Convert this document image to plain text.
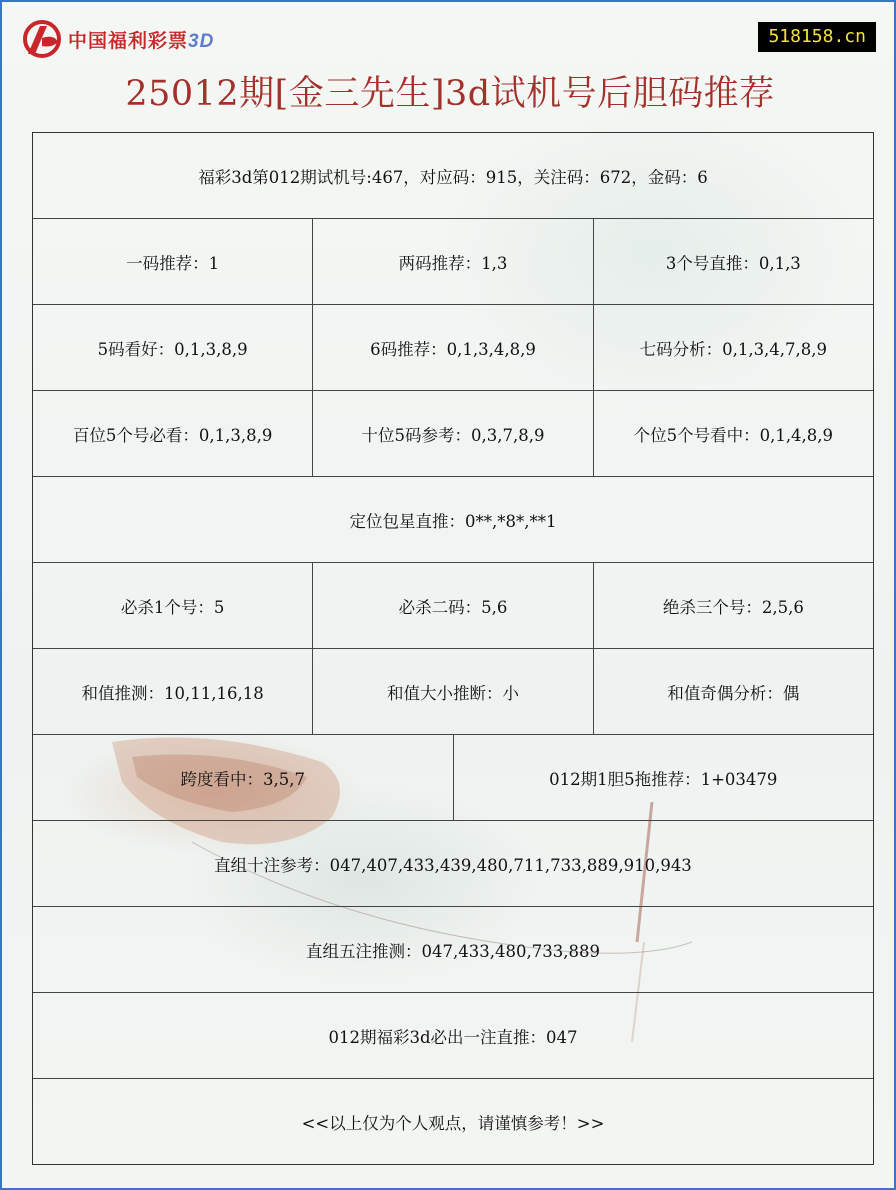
中国福利彩票3D	518158.cn
25012期[金三先生]3d试机号后胆码推荐
福彩3d第012期试机号:467，对应码：915，关注码：672，金码：6
一码推荐：1	两码推荐：1,3	3个号直推：0,1,3
5码看好：0,1,3,8,9	6码推荐：0,1,3,4,8,9	七码分析：0,1,3,4,7,8,9
百位5个号必看：0,1,3,8,9	十位5码参考：0,3,7,8,9	个位5个号看中：0,1,4,8,9
定位包星直推：0**,*8*,**1
必杀1个号：5	必杀二码：5,6	绝杀三个号：2,5,6
和值推测：10,11,16,18	和值大小推断：小	和值奇偶分析：偶
跨度看中：3,5,7	012期1胆5拖推荐：1+03479
直组十注参考：047,407,433,439,480,711,733,889,910,943
直组五注推测：047,433,480,733,889
012期福彩3d必出一注直推：047
<<以上仅为个人观点，请谨慎参考！>>
